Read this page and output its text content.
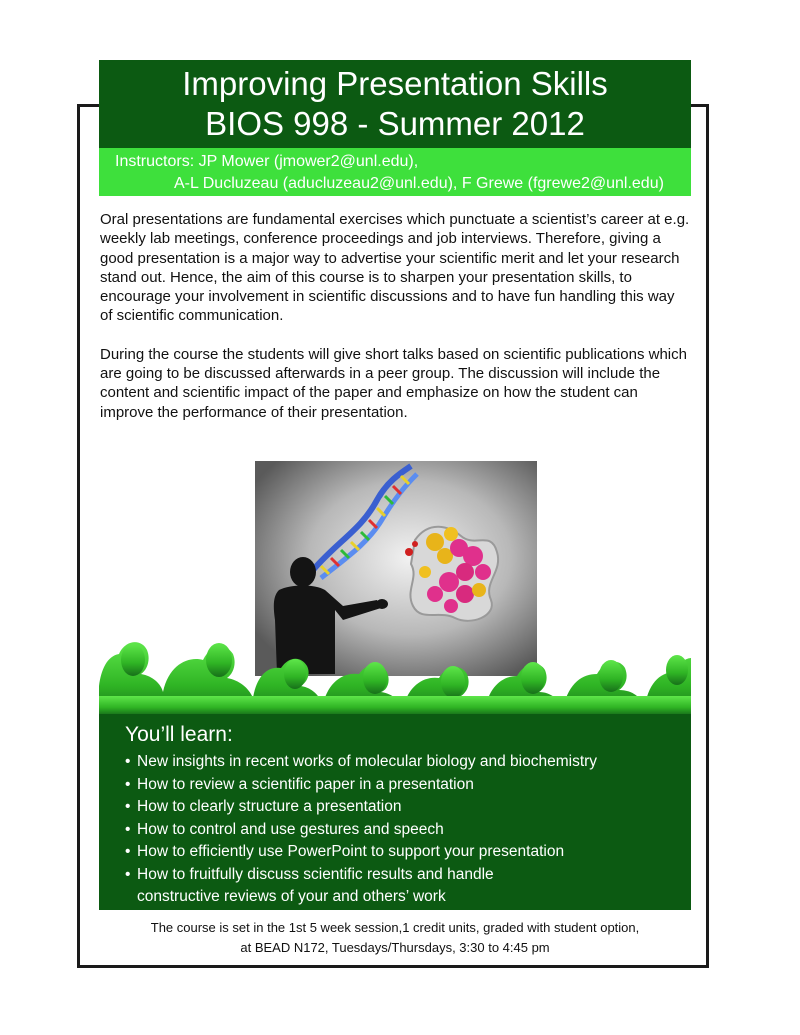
Improving Presentation Skills
BIOS 998 - Summer 2012
Instructors: JP Mower (jmower2@unl.edu),
A-L Ducluzeau (aducluzeau2@unl.edu), F Grewe (fgrewe2@unl.edu)

Oral presentations are fundamental exercises which punctuate a scientist’s career at e.g. weekly lab meetings, conference proceedings and job interviews. Therefore, giving a good presentation is a major way to advertise your scientific merit and let your research stand out. Hence, the aim of this course is to sharpen your presentation skills, to encourage your involvement in scientific discussions and to have fun handling this way of scientific communication.

During the course the students will give short talks based on scientific publications which are going to be discussed afterwards in a peer group. The discussion will include the content and scientific impact of the paper and emphasize on how the student can improve the performance of their presentation.

You’ll learn:
• New insights in recent works of molecular biology and biochemistry
• How to review a scientific paper in a presentation
• How to clearly structure a presentation
• How to control and use gestures and speech
• How to efficiently use PowerPoint to support your presentation
• How to fruitfully discuss scientific results and handle constructive reviews of your and others’ work
The course is set in the 1st 5 week session,1 credit units, graded with student option,
at BEAD N172, Tuesdays/Thursdays, 3:30 to 4:45 pm
